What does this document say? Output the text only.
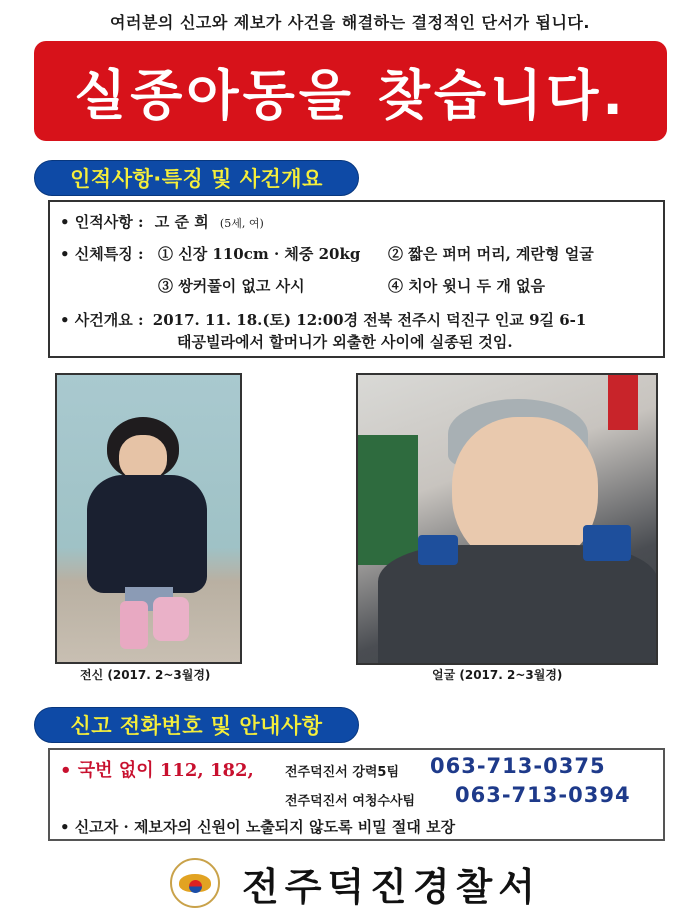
여러분의 신고와 제보가 사건을 해결하는 결정적인 단서가 됩니다.
실종아동을 찾습니다.
인적사항·특징 및 사건개요
• 인적사항 : 고 준 희 (5세, 여)
• 신체특징 : ① 신장 110cm · 체중 20kg ② 짧은 퍼머 머리, 계란형 얼굴
③ 쌍커풀이 없고 사시	④ 치아 윗니 두 개 없음
• 사건개요 : 2017. 11. 18.(토) 12:00경 전북 전주시 덕진구 인교 9길 6-1
태공빌라에서 할머니가 외출한 사이에 실종된 것임.
전신 (2017. 2~3월경)	얼굴 (2017. 2~3월경)
신고 전화번호 및 안내사항
• 국번 없이 112, 182, 전주덕진서 강력5팀 063-713-0375
전주덕진서 여청수사팀 063-713-0394
• 신고자 · 제보자의 신원이 노출되지 않도록 비밀 절대 보장
전주덕진경찰서
